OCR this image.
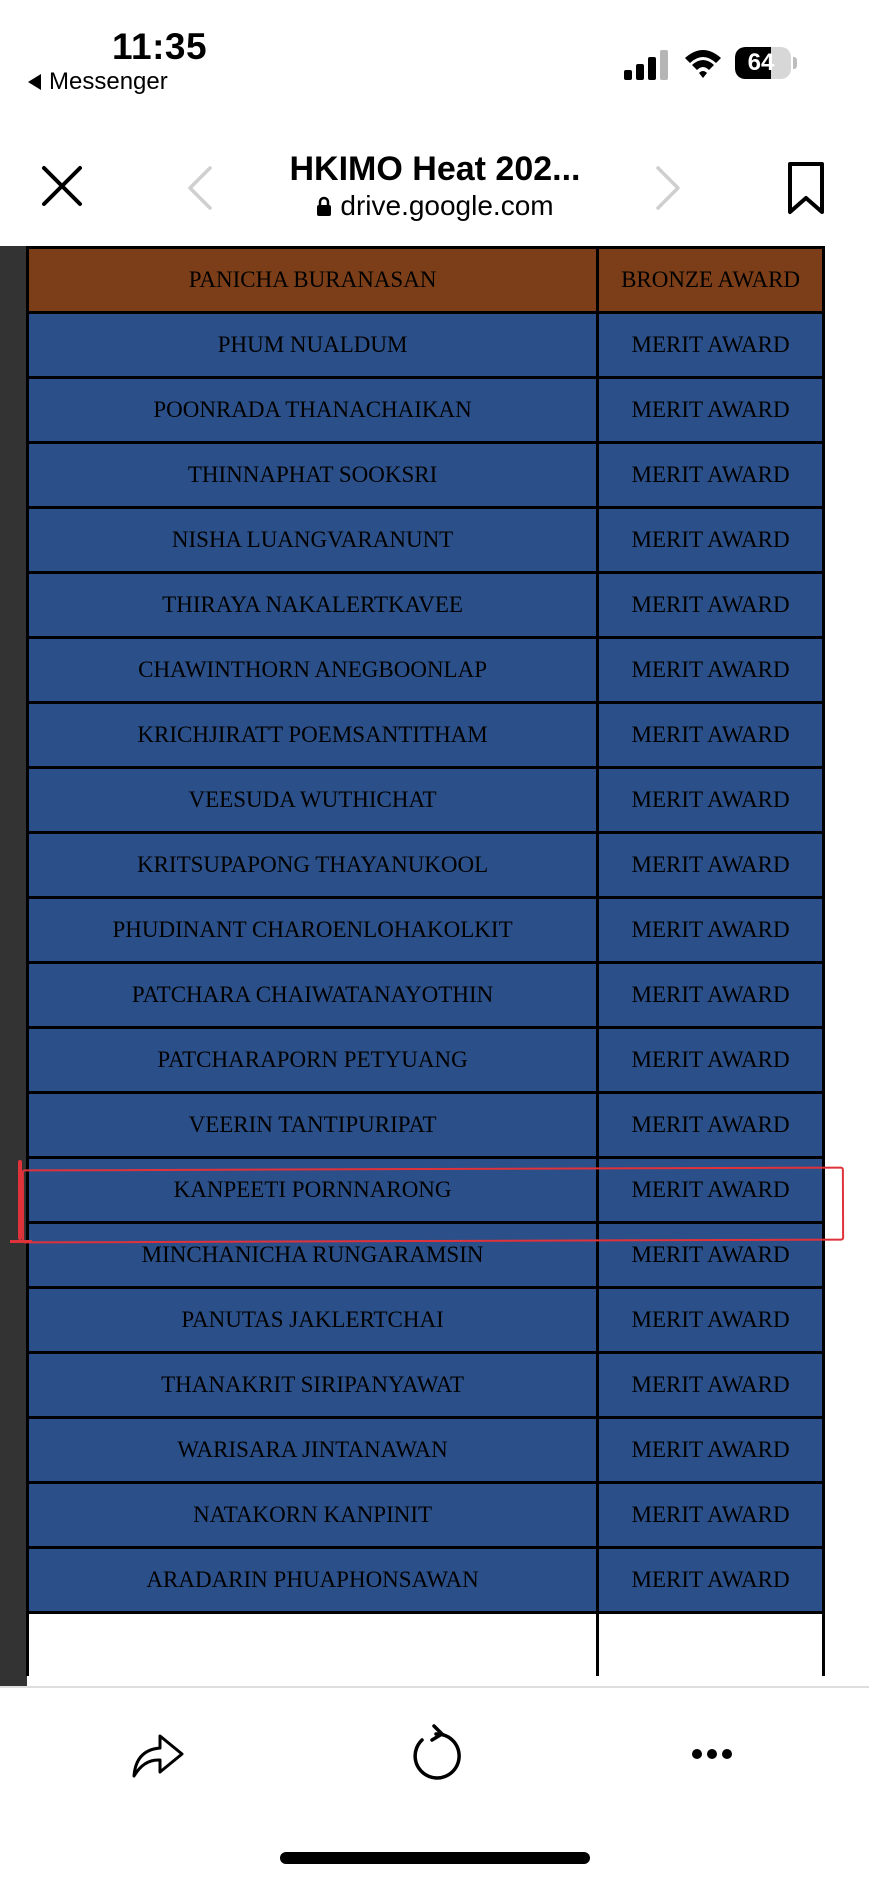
11:35
Messenger
64
HKIMO Heat 202...
drive.google.com
PANICHA BURANASAN	BRONZE AWARD
PHUM NUALDUM	MERIT AWARD
POONRADA THANACHAIKAN	MERIT AWARD
THINNAPHAT SOOKSRI	MERIT AWARD
NISHA LUANGVARANUNT	MERIT AWARD
THIRAYA NAKALERTKAVEE	MERIT AWARD
CHAWINTHORN ANEGBOONLAP	MERIT AWARD
KRICHJIRATT POEMSANTITHAM	MERIT AWARD
VEESUDA WUTHICHAT	MERIT AWARD
KRITSUPAPONG THAYANUKOOL	MERIT AWARD
PHUDINANT CHAROENLOHAKOLKIT	MERIT AWARD
PATCHARA CHAIWATANAYOTHIN	MERIT AWARD
PATCHARAPORN PETYUANG	MERIT AWARD
VEERIN TANTIPURIPAT	MERIT AWARD
KANPEETI PORNNARONG	MERIT AWARD
MINCHANICHA RUNGARAMSIN	MERIT AWARD
PANUTAS JAKLERTCHAI	MERIT AWARD
THANAKRIT SIRIPANYAWAT	MERIT AWARD
WARISARA JINTANAWAN	MERIT AWARD
NATAKORN KANPINIT	MERIT AWARD
ARADARIN PHUAPHONSAWAN	MERIT AWARD
